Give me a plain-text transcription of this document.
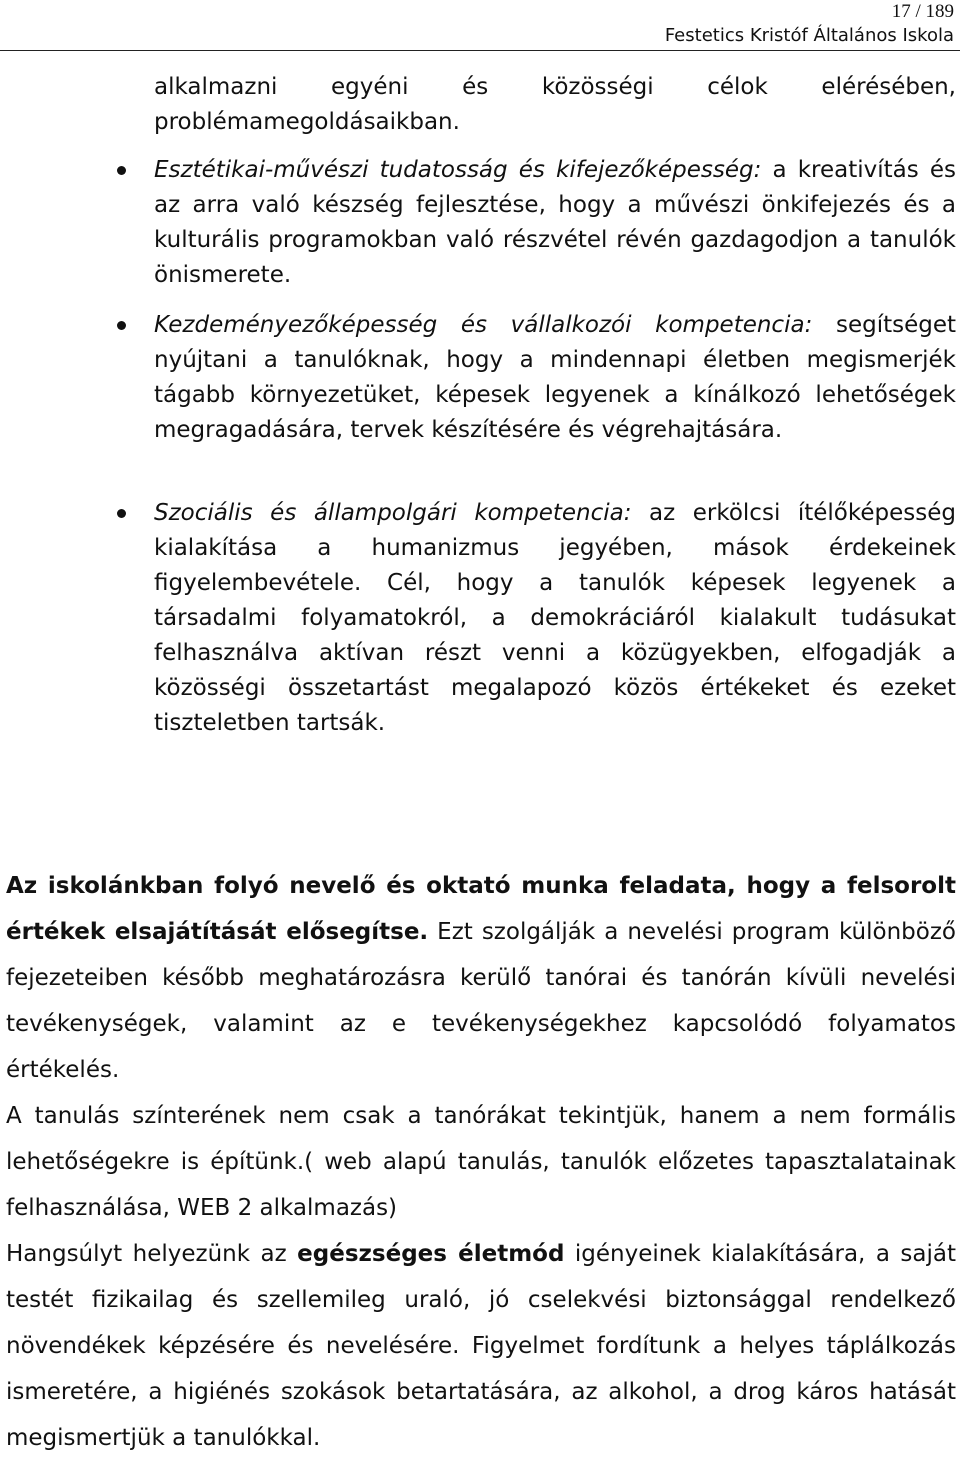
17 / 189
Festetics Kristóf Általános Iskola

alkalmazni egyéni és közösségi célok elérésében, problémamegoldásaikban.

Esztétikai-művészi tudatosság és kifejezőképesség: a kreativítás és az arra való készség fejlesztése, hogy a művészi önkifejezés és a kulturális programokban való részvétel révén gazdagodjon a tanulók önismerete.
Kezdeményezőképesség és vállalkozói kompetencia: segítséget nyújtani a tanulóknak, hogy a mindennapi életben megismerjék tágabb környezetüket, képesek legyenek a kínálkozó lehetőségek megragadására, tervek készítésére és végrehajtására.
Szociális és állampolgári kompetencia: az erkölcsi ítélőképesség kialakítása a humanizmus jegyében, mások érdekeinek figyelembevétele. Cél, hogy a tanulók képesek legyenek a társadalmi folyamatokról, a demokráciáról kialakult tudásukat felhasználva aktívan részt venni a közügyekben, elfogadják a közösségi összetartást megalapozó közös értékeket és ezeket tiszteletben tartsák.

Az iskolánkban folyó nevelő és oktató munka feladata, hogy a felsorolt értékek elsajátítását elősegítse. Ezt szolgálják a nevelési program különböző fejezeteiben később meghatározásra kerülő tanórai és tanórán kívüli nevelési tevékenységek, valamint az e tevékenységekhez kapcsolódó folyamatos értékelés.

A tanulás színterének nem csak a tanórákat tekintjük, hanem a nem formális lehetőségekre is építünk.( web alapú tanulás, tanulók előzetes tapasztalatainak felhasználása, WEB 2 alkalmazás)

Hangsúlyt helyezünk az egészséges életmód igényeinek kialakítására, a saját testét fizikailag és szellemileg uraló, jó cselekvési biztonsággal rendelkező növendékek képzésére és nevelésére. Figyelmet fordítunk a helyes táplálkozás ismeretére, a higiénés szokások betartatására, az alkohol, a drog káros hatását megismertjük a tanulókkal.
